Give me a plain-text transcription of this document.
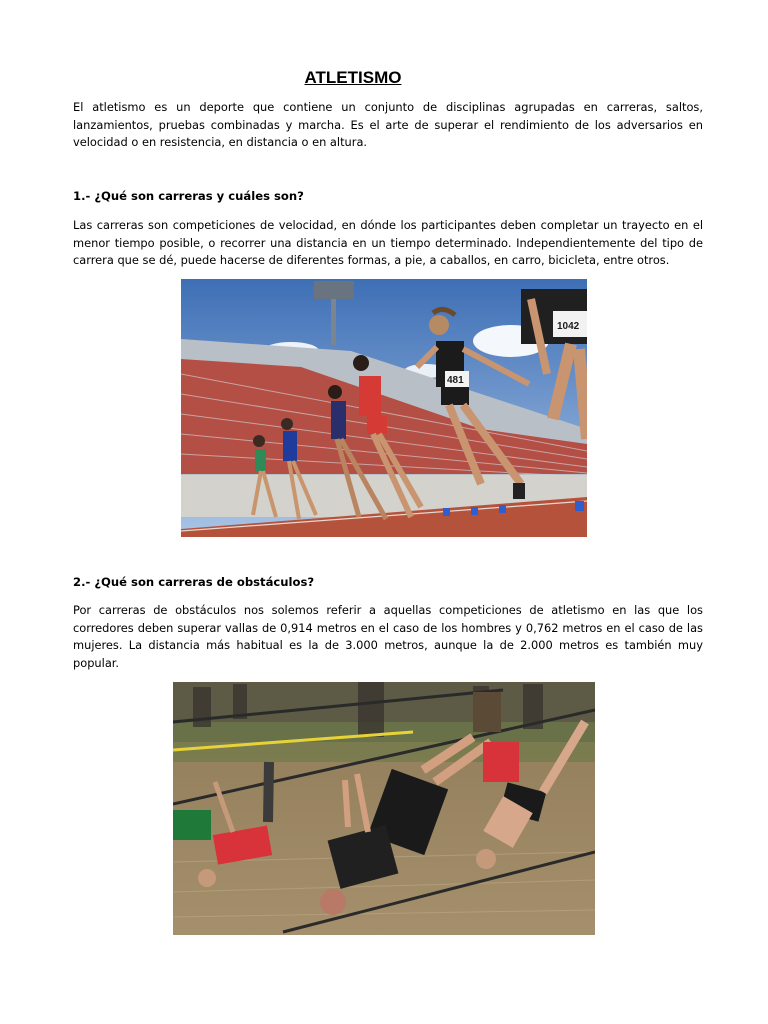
ATLETISMO
El atletismo es un deporte que contiene un conjunto de disciplinas agrupadas en carreras, saltos, lanzamientos, pruebas combinadas y marcha. Es el arte de superar el rendimiento de los adversarios en velocidad o en resistencia, en distancia o en altura.
1.- ¿Qué son carreras y cuáles son?
Las carreras son competiciones de velocidad, en dónde los participantes deben completar un trayecto en el menor tiempo posible, o recorrer una distancia en un tiempo determinado. Independientemente del tipo de carrera que se dé, puede hacerse de diferentes formas, a pie, a caballos, en carro, bicicleta, entre otros.
481
1042
2.- ¿Qué son carreras de obstáculos?
Por carreras de obstáculos nos solemos referir a aquellas competiciones de atletismo en las que los corredores deben superar vallas de 0,914 metros en el caso de los hombres y 0,762 metros en el caso de las mujeres. La distancia más habitual es la de 3.000 metros, aunque la de 2.000 metros es también muy popular.
